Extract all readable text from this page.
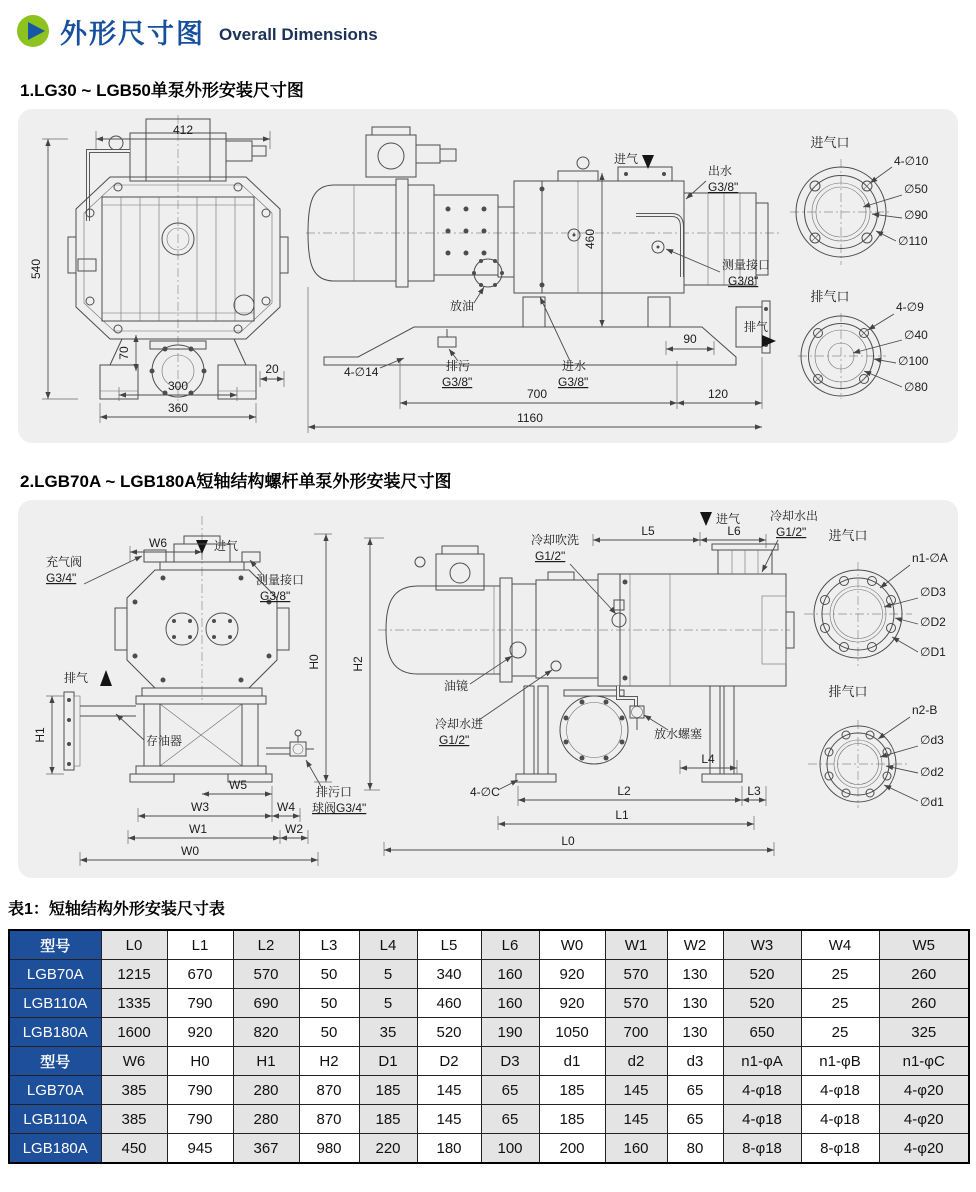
外形尺寸图 Overall Dimensions
1.LG30 ~ LGB50单泵外形安装尺寸图
412
540
70
20
300
360
进气
出水
G3/8"
460
测量接口
G3/8"
放油
4-∅14	排污
G3/8"
进水
G3/8"
90
排气
700	120
1160
进气口
4-∅10
∅50
∅90
∅110
排气口
4-∅9
∅40
∅100
∅80
2.LGB70A ~ LGB180A短轴结构螺杆单泵外形安装尺寸图
W6	进气
排气
充气阀
G3/4"	测量接口
G3/8"
H1
H0
存油器
W5
W3	W4
W1	W2
W0
排污口
球阀G3/4"
H2
油镜
冷却吹洗
G1/2"
进气
L5	L6
冷却水出
G1/2"
冷却水进
G1/2"	放水螺塞
4-∅C
L4
L2	L3
L1
L0
进气口
n1-∅A
∅D3
∅D2
∅D1
排气口
n2-B
∅d3
∅d2
∅d1
表1：短轴结构外形安装尺寸表
型号	L0	L1	L2	L3	L4	L5	L6	W0	W1	W2	W3	W4	W5
LGB70A	1215	670	570	50	5	340	160	920	570	130	520	25	260
LGB110A	1335	790	690	50	5	460	160	920	570	130	520	25	260
LGB180A	1600	920	820	50	35	520	190	1050	700	130	650	25	325
型号	W6	H0	H1	H2	D1	D2	D3	d1	d2	d3	n1-φA	n1-φB	n1-φC
LGB70A	385	790	280	870	185	145	65	185	145	65	4-φ18	4-φ18	4-φ20
LGB110A	385	790	280	870	185	145	65	185	145	65	4-φ18	4-φ18	4-φ20
LGB180A	450	945	367	980	220	180	100	200	160	80	8-φ18	8-φ18	4-φ20
